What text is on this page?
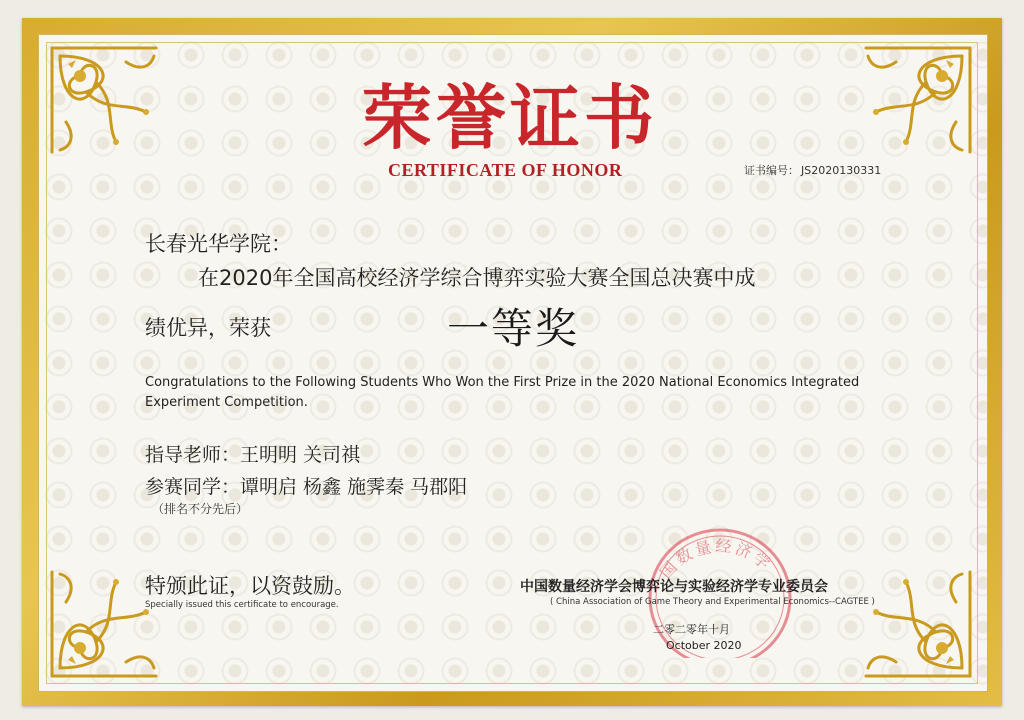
国数量经济学
荣誉证书
CERTIFICATE OF HONOR	证书编号： JS2020130331
长春光华学院：
在2020年全国高校经济学综合博弈实验大赛全国总决赛中成
绩优异，荣获	一等奖
Congratulations to the Following Students Who Won the First Prize in the 2020 National Economics Integrated Experiment Competition.
指导老师：王明明 关司祺
参赛同学：谭明启 杨鑫 施霁秦 马郡阳
（排名不分先后）
特颁此证，以资鼓励。
Specially issued this certificate to encourage.
中国数量经济学会博弈论与实验经济学专业委员会
( China Association of Game Theory and Experimental Economics--CAGTEE )
二零二零年十月
October 2020
